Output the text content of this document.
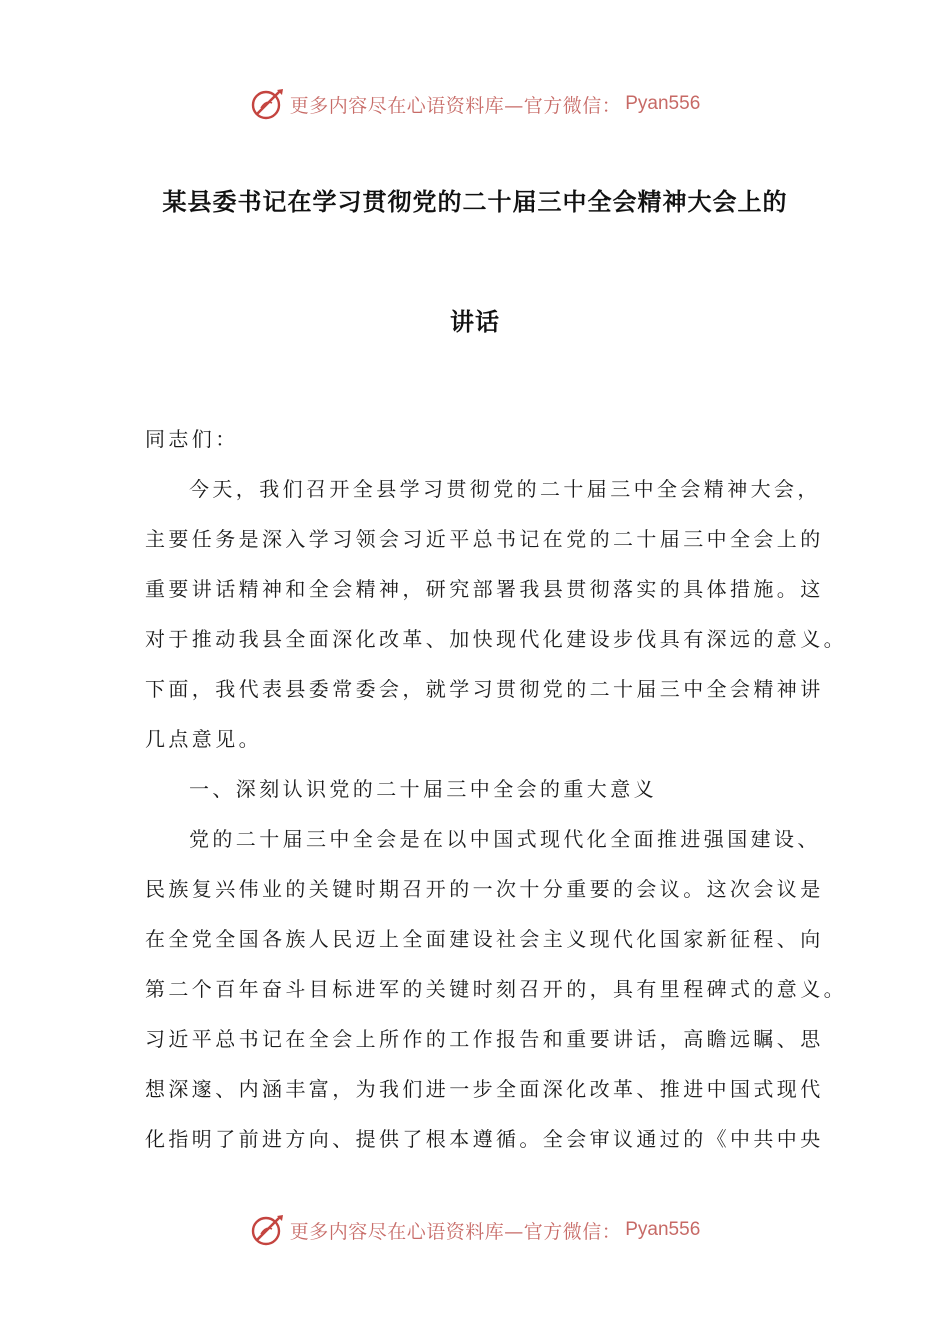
更多内容尽在心语资料库—官方微信： Pyan556
某县委书记在学习贯彻党的二十届三中全会精神大会上的
讲话
同志们：
今天，我们召开全县学习贯彻党的二十届三中全会精神大会，
主要任务是深入学习领会习近平总书记在党的二十届三中全会上的
重要讲话精神和全会精神，研究部署我县贯彻落实的具体措施。这
对于推动我县全面深化改革、加快现代化建设步伐具有深远的意义。
下面，我代表县委常委会，就学习贯彻党的二十届三中全会精神讲
几点意见。
一、深刻认识党的二十届三中全会的重大意义
党的二十届三中全会是在以中国式现代化全面推进强国建设、
民族复兴伟业的关键时期召开的一次十分重要的会议。这次会议是
在全党全国各族人民迈上全面建设社会主义现代化国家新征程、向
第二个百年奋斗目标进军的关键时刻召开的，具有里程碑式的意义。
习近平总书记在全会上所作的工作报告和重要讲话，高瞻远瞩、思
想深邃、内涵丰富，为我们进一步全面深化改革、推进中国式现代
化指明了前进方向、提供了根本遵循。全会审议通过的《中共中央
更多内容尽在心语资料库—官方微信： Pyan556
